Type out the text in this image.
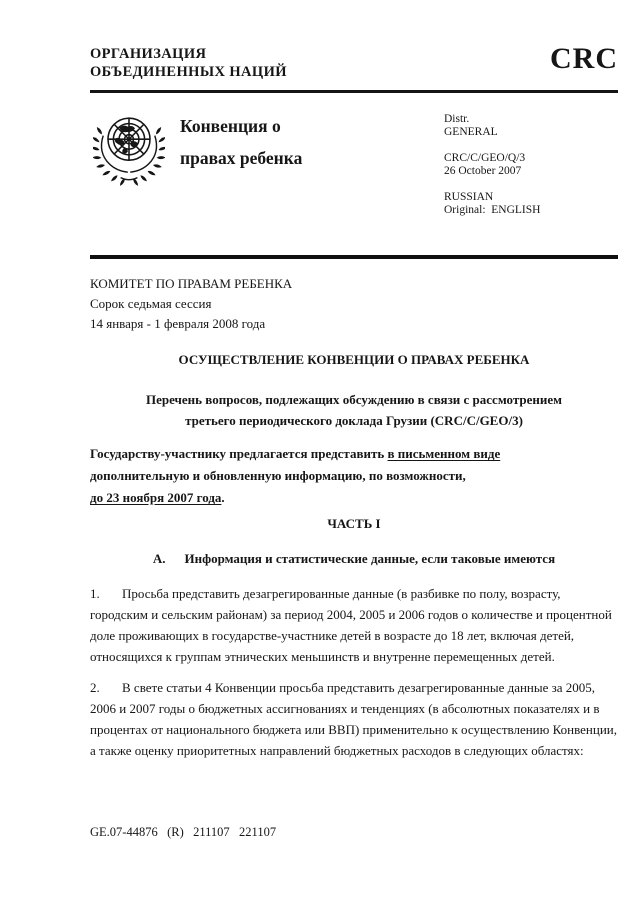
ОРГАНИЗАЦИЯ
ОБЪЕДИНЕННЫХ НАЦИЙ	CRC
Конвенция о
правах ребенка
Distr.
GENERAL
CRC/C/GEO/Q/3
26 October 2007
RUSSIAN
Original:  ENGLISH
КОМИТЕТ ПО ПРАВАМ РЕБЕНКА
Сорок седьмая сессия
14 января - 1 февраля 2008 года
ОСУЩЕСТВЛЕНИЕ КОНВЕНЦИИ О ПРАВАХ РЕБЕНКА
Перечень вопросов, подлежащих обсуждению в связи с рассмотрением
третьего периодического доклада Грузии (CRC/C/GEO/3)

Государству-участнику предлагается представить в письменном виде
дополнительную и обновленную информацию, по возможности,
до 23 ноября 2007 года.

ЧАСТЬ I
А. Информация и статистические данные, если таковые имеются

1. Просьба представить дезагрегированные данные (в разбивке по полу, возрасту, городским и сельским районам) за период 2004, 2005 и 2006 годов о количестве и процентной доле проживающих в государстве-участнике детей в возрасте до 18 лет, включая детей, относящихся к группам этнических меньшинств и внутренне перемещенных детей.

2. В свете статьи 4 Конвенции просьба представить дезагрегированные данные за 2005, 2006 и 2007 годы о бюджетных ассигнованиях и тенденциях (в абсолютных показателях и в процентах от национального бюджета или ВВП) применительно к осуществлению Конвенции, а также оценку приоритетных направлений бюджетных расходов в следующих областях:

GE.07-44876   (R)   211107   221107
